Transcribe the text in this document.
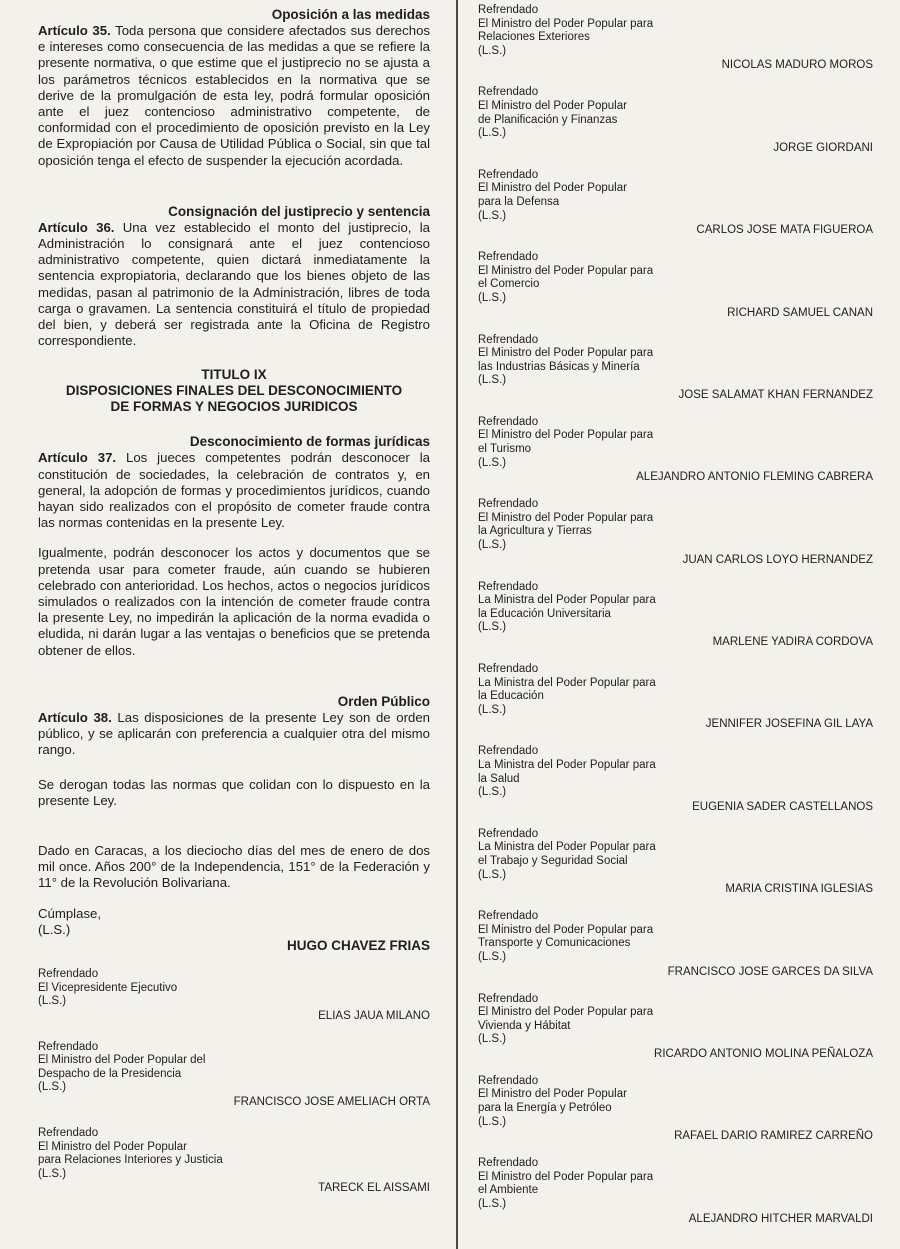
Oposición a las medidas

Artículo 35. Toda persona que considere afectados sus derechos e intereses como consecuencia de las medidas a que se refiere la presente normativa, o que estime que el justiprecio no se ajusta a los parámetros técnicos establecidos en la normativa que se derive de la promulgación de esta ley, podrá formular oposición ante el juez contencioso administrativo competente, de conformidad con el procedimiento de oposición previsto en la Ley de Expropiación por Causa de Utilidad Pública o Social, sin que tal oposición tenga el efecto de suspender la ejecución acordada.

Consignación del justiprecio y sentencia

Artículo 36. Una vez establecido el monto del justiprecio, la Administración lo consignará ante el juez contencioso administrativo competente, quien dictará inmediatamente la sentencia expropiatoria, declarando que los bienes objeto de las medidas, pasan al patrimonio de la Administración, libres de toda carga o gravamen. La sentencia constituirá el título de propiedad del bien, y deberá ser registrada ante la Oficina de Registro correspondiente.

TITULO IX

DISPOSICIONES FINALES DEL DESCONOCIMIENTO

DE FORMAS Y NEGOCIOS JURIDICOS

Desconocimiento de formas jurídicas

Artículo 37. Los jueces competentes podrán desconocer la constitución de sociedades, la celebración de contratos y, en general, la adopción de formas y procedimientos jurídicos, cuando hayan sido realizados con el propósito de cometer fraude contra las normas contenidas en la presente Ley.

Igualmente, podrán desconocer los actos y documentos que se pretenda usar para cometer fraude, aún cuando se hubieren celebrado con anterioridad. Los hechos, actos o negocios jurídicos simulados o realizados con la intención de cometer fraude contra la presente Ley, no impedirán la aplicación de la norma evadida o eludida, ni darán lugar a las ventajas o beneficios que se pretenda obtener de ellos.

Orden Público

Artículo 38. Las disposiciones de la presente Ley son de orden público, y se aplicarán con preferencia a cualquier otra del mismo rango.

Se derogan todas las normas que colidan con lo dispuesto en la presente Ley.

Dado en Caracas, a los dieciocho días del mes de enero de dos mil once. Años 200° de la Independencia, 151° de la Federación y 11° de la Revolución Bolivariana.

Cúmplase,

(L.S.)

HUGO CHAVEZ FRIAS

Refrendado

El Vicepresidente Ejecutivo

(L.S.)

ELIAS JAUA MILANO

Refrendado

El Ministro del Poder Popular del

Despacho de la Presidencia

(L.S.)

FRANCISCO JOSE AMELIACH ORTA

Refrendado

El Ministro del Poder Popular

para Relaciones Interiores y Justicia

(L.S.)

TARECK EL AISSAMI

Refrendado

El Ministro del Poder Popular para

Relaciones Exteriores

(L.S.)

NICOLAS MADURO MOROS

Refrendado

El Ministro del Poder Popular

de Planificación y Finanzas

(L.S.)

JORGE GIORDANI

Refrendado

El Ministro del Poder Popular

para la Defensa

(L.S.)

CARLOS JOSE MATA FIGUEROA

Refrendado

El Ministro del Poder Popular para

el Comercio

(L.S.)

RICHARD SAMUEL CANAN

Refrendado

El Ministro del Poder Popular para

las Industrias Básicas y Minería

(L.S.)

JOSE SALAMAT KHAN FERNANDEZ

Refrendado

El Ministro del Poder Popular para

el Turismo

(L.S.)

ALEJANDRO ANTONIO FLEMING CABRERA

Refrendado

El Ministro del Poder Popular para

la Agricultura y Tierras

(L.S.)

JUAN CARLOS LOYO HERNANDEZ

Refrendado

La Ministra del Poder Popular para

la Educación Universitaria

(L.S.)

MARLENE YADIRA CORDOVA

Refrendado

La Ministra del Poder Popular para

la Educación

(L.S.)

JENNIFER JOSEFINA GIL LAYA

Refrendado

La Ministra del Poder Popular para

la Salud

(L.S.)

EUGENIA SADER CASTELLANOS

Refrendado

La Ministra del Poder Popular para

el Trabajo y Seguridad Social

(L.S.)

MARIA CRISTINA IGLESIAS

Refrendado

El Ministro del Poder Popular para

Transporte y Comunicaciones

(L.S.)

FRANCISCO JOSE GARCES DA SILVA

Refrendado

El Ministro del Poder Popular para

Vivienda y Hábitat

(L.S.)

RICARDO ANTONIO MOLINA PEÑALOZA

Refrendado

El Ministro del Poder Popular

para la Energía y Petróleo

(L.S.)

RAFAEL DARIO RAMIREZ CARREÑO

Refrendado

El Ministro del Poder Popular para

el Ambiente

(L.S.)

ALEJANDRO HITCHER MARVALDI
